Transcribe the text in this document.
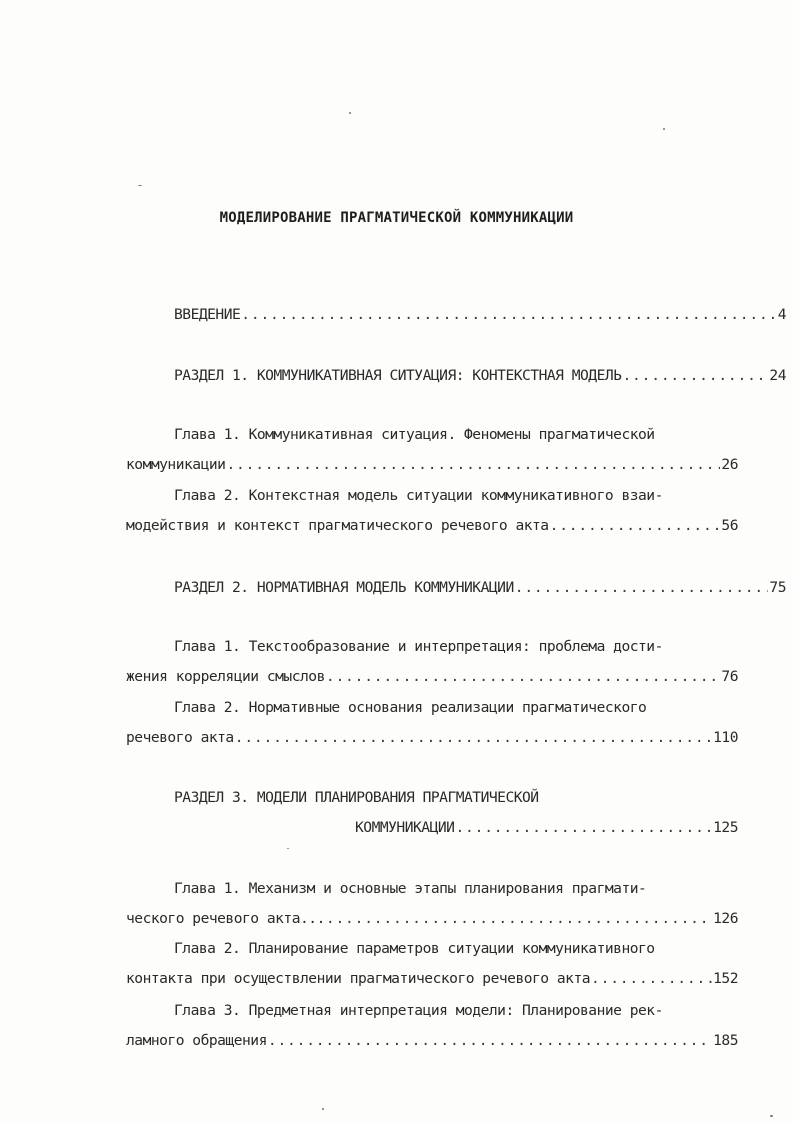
МОДЕЛИРОВАНИЕ ПРАГМАТИЧЕСКОЙ КОММУНИКАЦИИ
ВВЕДЕНИЕ .....	4
РАЗДЕЛ 1. КОММУНИКАТИВНАЯ СИТУАЦИЯ: КОНТЕКСТНАЯ МОДЕЛЬ .....	24
Глава 1. Коммуникативная ситуация. Феномены прагматической
коммуникации .....	26
Глава 2. Контекстная модель ситуации коммуникативного взаи-
модействия и контекст прагматического речевого акта .....	56
РАЗДЕЛ 2. НОРМАТИВНАЯ МОДЕЛЬ КОММУНИКАЦИИ .....	75
Глава 1. Текстообразование и интерпретация: проблема дости-
жения корреляции смыслов .....	76
Глава 2. Нормативные основания реализации прагматического
речевого акта .....	110
РАЗДЕЛ 3. МОДЕЛИ ПЛАНИРОВАНИЯ ПРАГМАТИЧЕСКОЙ
КОММУНИКАЦИИ .....	125
Глава 1. Механизм и основные этапы планирования прагмати-
ческого речевого акта... .....	126
Глава 2. Планирование параметров ситуации коммуникативного
контакта при осуществлении прагматического речевого акта .....	152
Глава 3. Предметная интерпретация модели: Планирование рек-
ламного обращения .....	185
